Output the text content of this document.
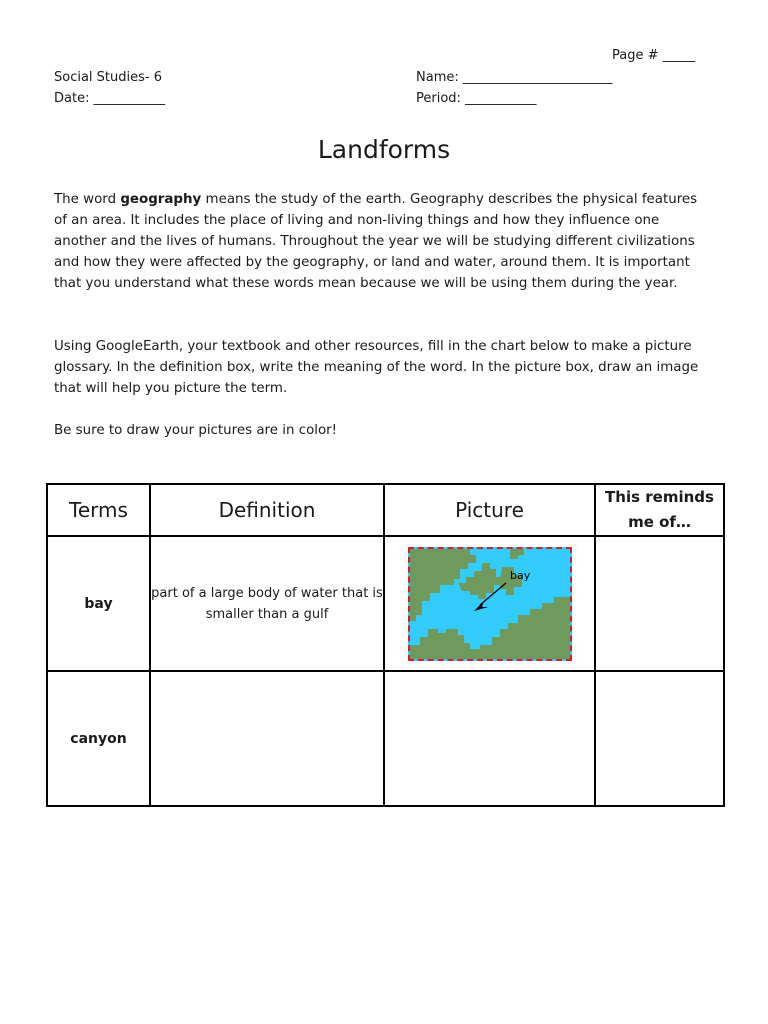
Page # _____
Social Studies- 6
Date: ___________
Name: _______________________
Period: ___________
Landforms
The word geography means the study of the earth. Geography describes the physical features of an area. It includes the place of living and non-living things and how they influence one another and the lives of humans. Throughout the year we will be studying different civilizations and how they were affected by the geography, or land and water, around them. It is important that you understand what these words mean because we will be using them during the year.
Using GoogleEarth, your textbook and other resources, fill in the chart below to make a picture glossary. In the definition box, write the meaning of the word. In the picture box, draw an image that will help you picture the term.
Be sure to draw your pictures are in color!
Terms	Definition	Picture	This reminds me of…
bay	part of a large body of water that is smaller than a gulf	bay	

canyon			
